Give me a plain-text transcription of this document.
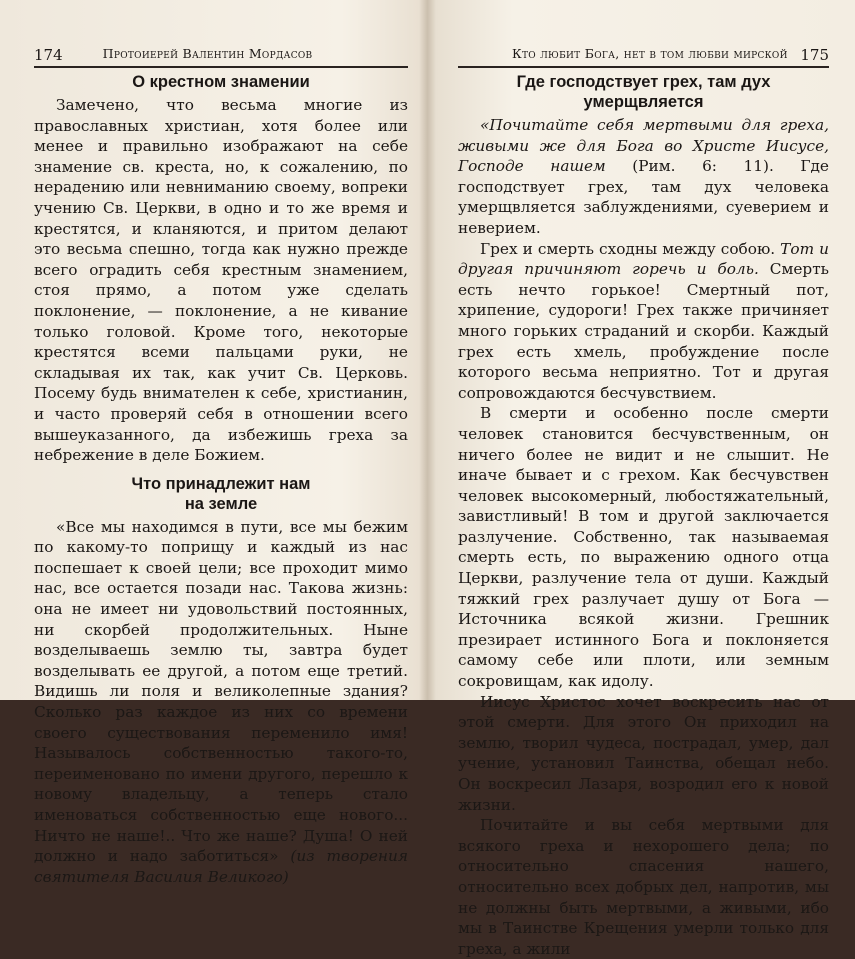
174	Протоиерей Валентин Мордасов
О крестном знамении

Замечено, что весьма многие из православных христиан, хотя более или менее и правильно изображают на себе знамение св. креста, но, к сожалению, по нерадению или невниманию своему, вопреки учению Св. Церкви, в одно и то же время и крестятся, и кланяются, и притом делают это весьма спешно, тогда как нужно прежде всего оградить себя крестным знамением, стоя прямо, а потом уже сделать поклонение, — поклонение, а не кивание только головой. Кроме того, некоторые крестятся всеми пальцами руки, не складывая их так, как учит Св. Церковь. Посему будь внимателен к себе, христианин, и часто проверяй себя в отношении всего вышеуказанного, да избежишь греха за небрежение в деле Божием.

Что принадлежит нам
на земле

«Все мы находимся в пути, все мы бежим по какому-то поприщу и каждый из нас поспешает к своей цели; все проходит мимо нас, все остается позади нас. Такова жизнь: она не имеет ни удовольствий постоянных, ни скорбей продолжительных. Ныне возделываешь землю ты, завтра будет возделывать ее другой, а потом еще третий. Видишь ли поля и великолепные здания? Сколько раз каждое из них со времени своего существования переменило имя! Называлось собственностью такого-то, переименовано по имени другого, перешло к новому владельцу, а теперь стало именоваться собственностью еще нового... Ничто не наше!.. Что же наше? Душа! О ней должно и надо заботиться» (из творения святителя Василия Великого)

Кто любит Бога, нет в том любви мирской 175
Где господствует грех, там дух
умерщвляется

«Почитайте себя мертвыми для греха, живыми же для Бога во Христе Иисусе, Господе нашем (Рим. 6: 11). Где господствует грех, там дух человека умерщвляется заблуждениями, суеверием и неверием.

Грех и смерть сходны между собою. Тот и другая причиняют горечь и боль. Смерть есть нечто горькое! Смертный пот, хрипение, судороги! Грех также причиняет много горьких страданий и скорби. Каждый грех есть хмель, пробуждение после которого весьма неприятно. Тот и другая сопровождаются бесчувствием.

В смерти и особенно после смерти человек становится бесчувственным, он ничего более не видит и не слышит. Не иначе бывает и с грехом. Как бесчувствен человек высокомерный, любостяжательный, завистливый! В том и другой заключается разлучение. Собственно, так называемая смерть есть, по выражению одного отца Церкви, разлучение тела от души. Каждый тяжкий грех разлучает душу от Бога — Источника всякой жизни. Грешник презирает истинного Бога и поклоняется самому себе или плоти, или земным сокровищам, как идолу.

Иисус Христос хочет воскресить нас от этой смерти. Для этого Он приходил на землю, творил чудеса, пострадал, умер, дал учение, установил Таинства, обещал небо. Он воскресил Лазаря, возродил его к новой жизни.

Почитайте и вы себя мертвыми для всякого греха и нехорошего дела; по относительно спасения нашего, относительно всех добрых дел, напротив, мы не должны быть мертвыми, а живыми, ибо мы в Таинстве Крещения умерли только для греха, а жили
